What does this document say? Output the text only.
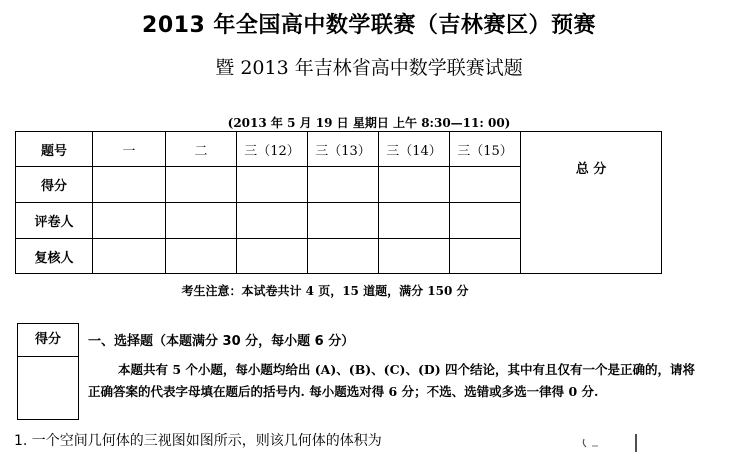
2013 年全国高中数学联赛（吉林赛区）预赛
暨 2013 年吉林省高中数学联赛试题
(2013 年 5 月 19 日 星期日 上午 8:30—11: 00)
题号	一	二	三（12）	三（13）	三（14）	三（15）	总 分
得分							
评卷人							
复核人							
考生注意：本试卷共计 4 页，15 道题，满分 150 分
得分	一、选择题（本题满分 30 分，每小题 6 分）
本题共有 5 个小题，每小题均给出 (A)、(B)、(C)、(D) 四个结论，其中有且仅有一个是正确的，请将正确答案的代表字母填在题后的括号内. 每小题选对得 6 分；不选、选错或多选一律得 0 分.
1. 一个空间几何体的三视图如图所示，则该几何体的体积为
